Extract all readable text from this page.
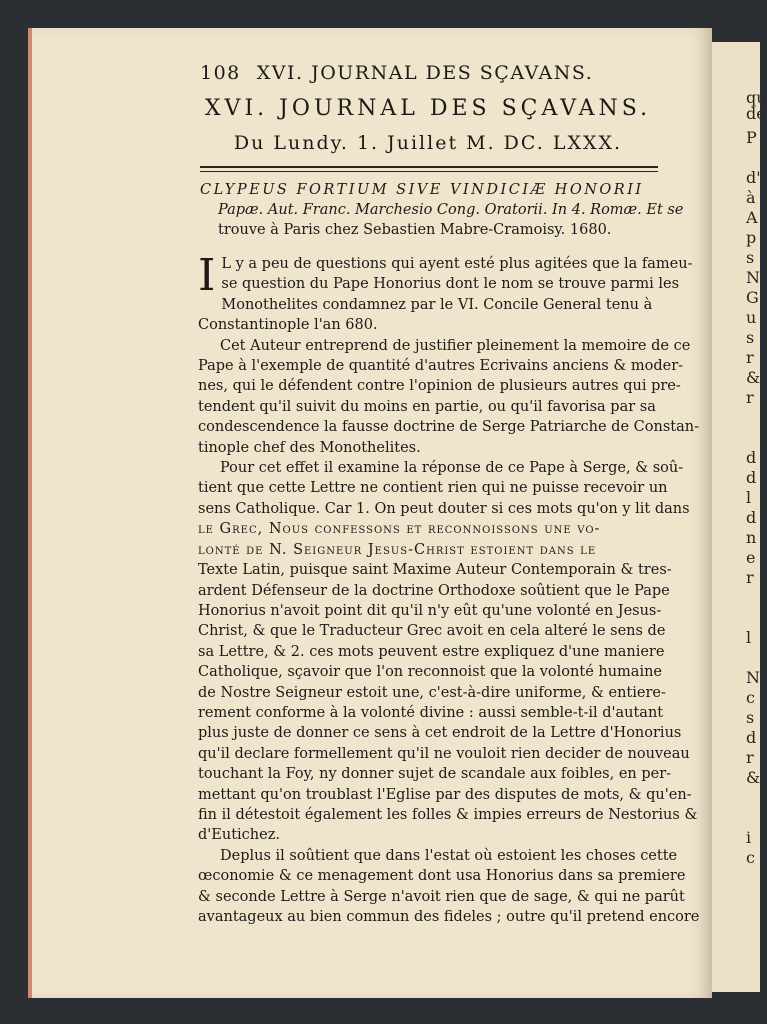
qu
de
P
d'
à
A
p
s
N
G
u
s
r
&
r
d
d
l
d
n
e
r
l
N
c
s
d
r
&
i
c
108 XVI. JOURNAL DES SÇAVANS.
XVI. JOURNAL DES SÇAVANS.
Du Lundy. 1. Juillet M. DC. LXXX.
CLYPEUS FORTIUM SIVE VINDICIÆ HONORII
Papæ. Aut. Franc. Marchesio Cong. Oratorii. In 4. Romæ. Et se
trouve à Paris chez Sebastien Mabre-Cramoisy. 1680.
I L y a peu de questions qui ayent esté plus agitées que la fameu-
se question du Pape Honorius dont le nom se trouve parmi les
Monothelites condamnez par le VI. Concile General tenu à
Constantinople l'an 680.
Cet Auteur entreprend de justifier pleinement la memoire de ce
Pape à l'exemple de quantité d'autres Ecrivains anciens & moder-
nes, qui le défendent contre l'opinion de plusieurs autres qui pre-
tendent qu'il suivit du moins en partie, ou qu'il favorisa par sa
condescendence la fausse doctrine de Serge Patriarche de Constan-
tinople chef des Monothelites.
Pour cet effet il examine la réponse de ce Pape à Serge, & soû-
tient que cette Lettre ne contient rien qui ne puisse recevoir un
sens Catholique. Car 1. On peut douter si ces mots qu'on y lit dans
le Grec, Nous confessons et reconnoissons une vo-
lonté de N. Seigneur Jesus-Christ estoient dans le
Texte Latin, puisque saint Maxime Auteur Contemporain & tres-
ardent Défenseur de la doctrine Orthodoxe soûtient que le Pape
Honorius n'avoit point dit qu'il n'y eût qu'une volonté en Jesus-
Christ, & que le Traducteur Grec avoit en cela alteré le sens de
sa Lettre, & 2. ces mots peuvent estre expliquez d'une maniere
Catholique, sçavoir que l'on reconnoist que la volonté humaine
de Nostre Seigneur estoit une, c'est-à-dire uniforme, & entiere-
rement conforme à la volonté divine : aussi semble-t-il d'autant
plus juste de donner ce sens à cet endroit de la Lettre d'Honorius
qu'il declare formellement qu'il ne vouloit rien decider de nouveau
touchant la Foy, ny donner sujet de scandale aux foibles, en per-
mettant qu'on troublast l'Eglise par des disputes de mots, & qu'en-
fin il détestoit également les folles & impies erreurs de Nestorius &
d'Eutichez.
Deplus il soûtient que dans l'estat où estoient les choses cette
œconomie & ce menagement dont usa Honorius dans sa premiere
& seconde Lettre à Serge n'avoit rien que de sage, & qui ne parût
avantageux au bien commun des fideles ; outre qu'il pretend encore
